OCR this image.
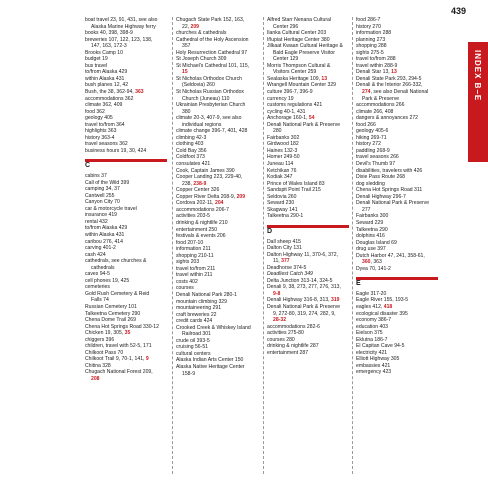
439
boat travel 23, 91, 431, see also Alaska Marine Highway ferry
books 40, 398, 398-9
breweries 107, 122, 123, 138, 147, 163, 172-3
Brooks Camp 10
budget 19
bus travel
to/from Alaska 429
within Alaska 431
bush planes 12, 42
Bush, the 38, 362-94, 363
accommodations 362
climate 362, 409
food 362
geology 405
travel to/from 364
highlights 363
history 363-4
travel seasons 362
business hours 19, 30, 424
C
cabins 37
Call of the Wild 399
camping 34, 37
Cantwell 255
Canyon City 70
car & motorcycle travel
insurance 419
rental 432
to/from Alaska 429
within Alaska 431
caribou 276, 414
carving 401-2
cash 424
cathedrals, see churches & cathedrals
caves 94-5
cell phones 19, 425
cemeteries
Gold Rush Cemetery & Reid Falls 74
Russian Cemetery 101
Talkeetna Cemetery 290
Chena Dome Trail 269
Chena Hot Springs Road 330-12
Chicken 19, 305, 35
chiggers 396
children, travel with 52-5, 171
Chilkoot Pass 70
Chilkoot Trail 9, 70-1, 141, 9
Chitina 328
Chugach National Forest 209, 208
Chugach State Park 152, 163, 22, 209
churches & cathedrals
Cathedral of the Holy Ascension 357
Holy Resurrection Cathedral 97
St Joseph Church 309
St Michael's Cathedral 101, 115, 15
St Nicholas Orthodox Church (Seldovia) 260
St Nicholas Russian Orthodox Church (Juneau) 110
Ukrainian Presbyterian Church 380
climate 20-3, 407-9, see also individual regions
climate change 396-7, 401, 428
climbing 42-3
clothing 403
Cold Bay 356
Coldfoot 373
consulates 421
Cook, Captain James 390
Cooper Landing 223, 229-40, 238, 238-9
Copper Center 326
Copper River Delta 208-9, 209
Cordova 202-11, 204
accommodations 206-7
activities 203-5
drinking & nightlife 210
entertainment 250
festivals & events 206
food 207-10
information 211
shopping 210-11
sights 203
travel to/from 211
travel within 211
costs 402
courses
Denali National Park 280-1
mountain climbing 329
mountaineering 291
craft breweries 22
credit cards 424
Crooked Creek & Whiskey Island Railroad 301
crude oil 393-5
cruising 56-51
cultural centers
Alaska Indian Arts Center 150
Alaska Native Heritage Center 158-9
Alfred Starr Nenana Cultural Center 296
Ilanka Cultural Center 203
Iñupiat Heritage Center 380
Jilkaat Kwaan Cultural Heritage & Bald Eagle Preserve Visitor Center 129
Morris Thompson Cultural & Visitors Center 259
Sealaska Heritage 109, 13
Wrangell Mountain Center 329
culture 396-7, 396-9
currency 19
customs regulations 421
cycling 40-1, 431
Anchorage 160-1, 54
Denali National Park & Preserve 280
Fairbanks 302
Girdwood 182
Haines 132-3
Homer 249-50
Juneau 114
Ketchikan 76
Kodiak 347
Prince of Wales Island 83
Sandspit Point Trail 215
Seldovia 260
Seward 230
Skagway 141
Talkeetna 290-1
D
Dall sheep 415
Dalton City 131
Dalton Highway 11, 370-6, 372, 11, 377
Deadhorse 374-5
Deadliest Catch 349
Delta Junction 313-14, 324-5
Denali 9, 38, 273, 277, 276, 313, 9-8
Denali Highway 316-8, 313, 319
Denali National Park & Preserve 9, 272-80, 319, 274, 282, 9, 28-32
accommodations 282-6
activities 275-80
courses 280
drinking & nightlife 287
entertainment 287
food 286-7
history 270
information 288
planning 273
shopping 288
sights 275-5
travel to/from 288
travel within 288-9
Denali Star 13, 13
Denali State Park 293, 294-5
Denali & the Interior 266-332, 274, see also Denali National Park & Preserve
accommodations 266
climate 266, 408
dangers & annoyances 272
food 266
geology 405-6
hiking 269-71
history 272
paddling 268-9
travel seasons 266
Devil's Thumb 97
disabilities, travelers with 426
Dixie Pass Route 268
dog sledding
Chena Hot Springs Road 311
Denali Highway 296-7
Denali National Park & Preserve 277
Fairbanks 300
Seward 229
Talkeetna 290
dolphins 416
Douglas Island 69
drug use 397
Dutch Harbor 47, 241, 358-61, 360, 363
Dyea 70, 141-2
E
Eagle 317-20
Eagle River 155, 193-5
eagles 412, 418
ecological disaster 395
economy 386-7
education 403
Eielson 375
Eklutna 186-7
El Capitan Cave 94-5
electricity 421
Elliott Highway 305
embassies 421
emergency 423
INDEX B–E
